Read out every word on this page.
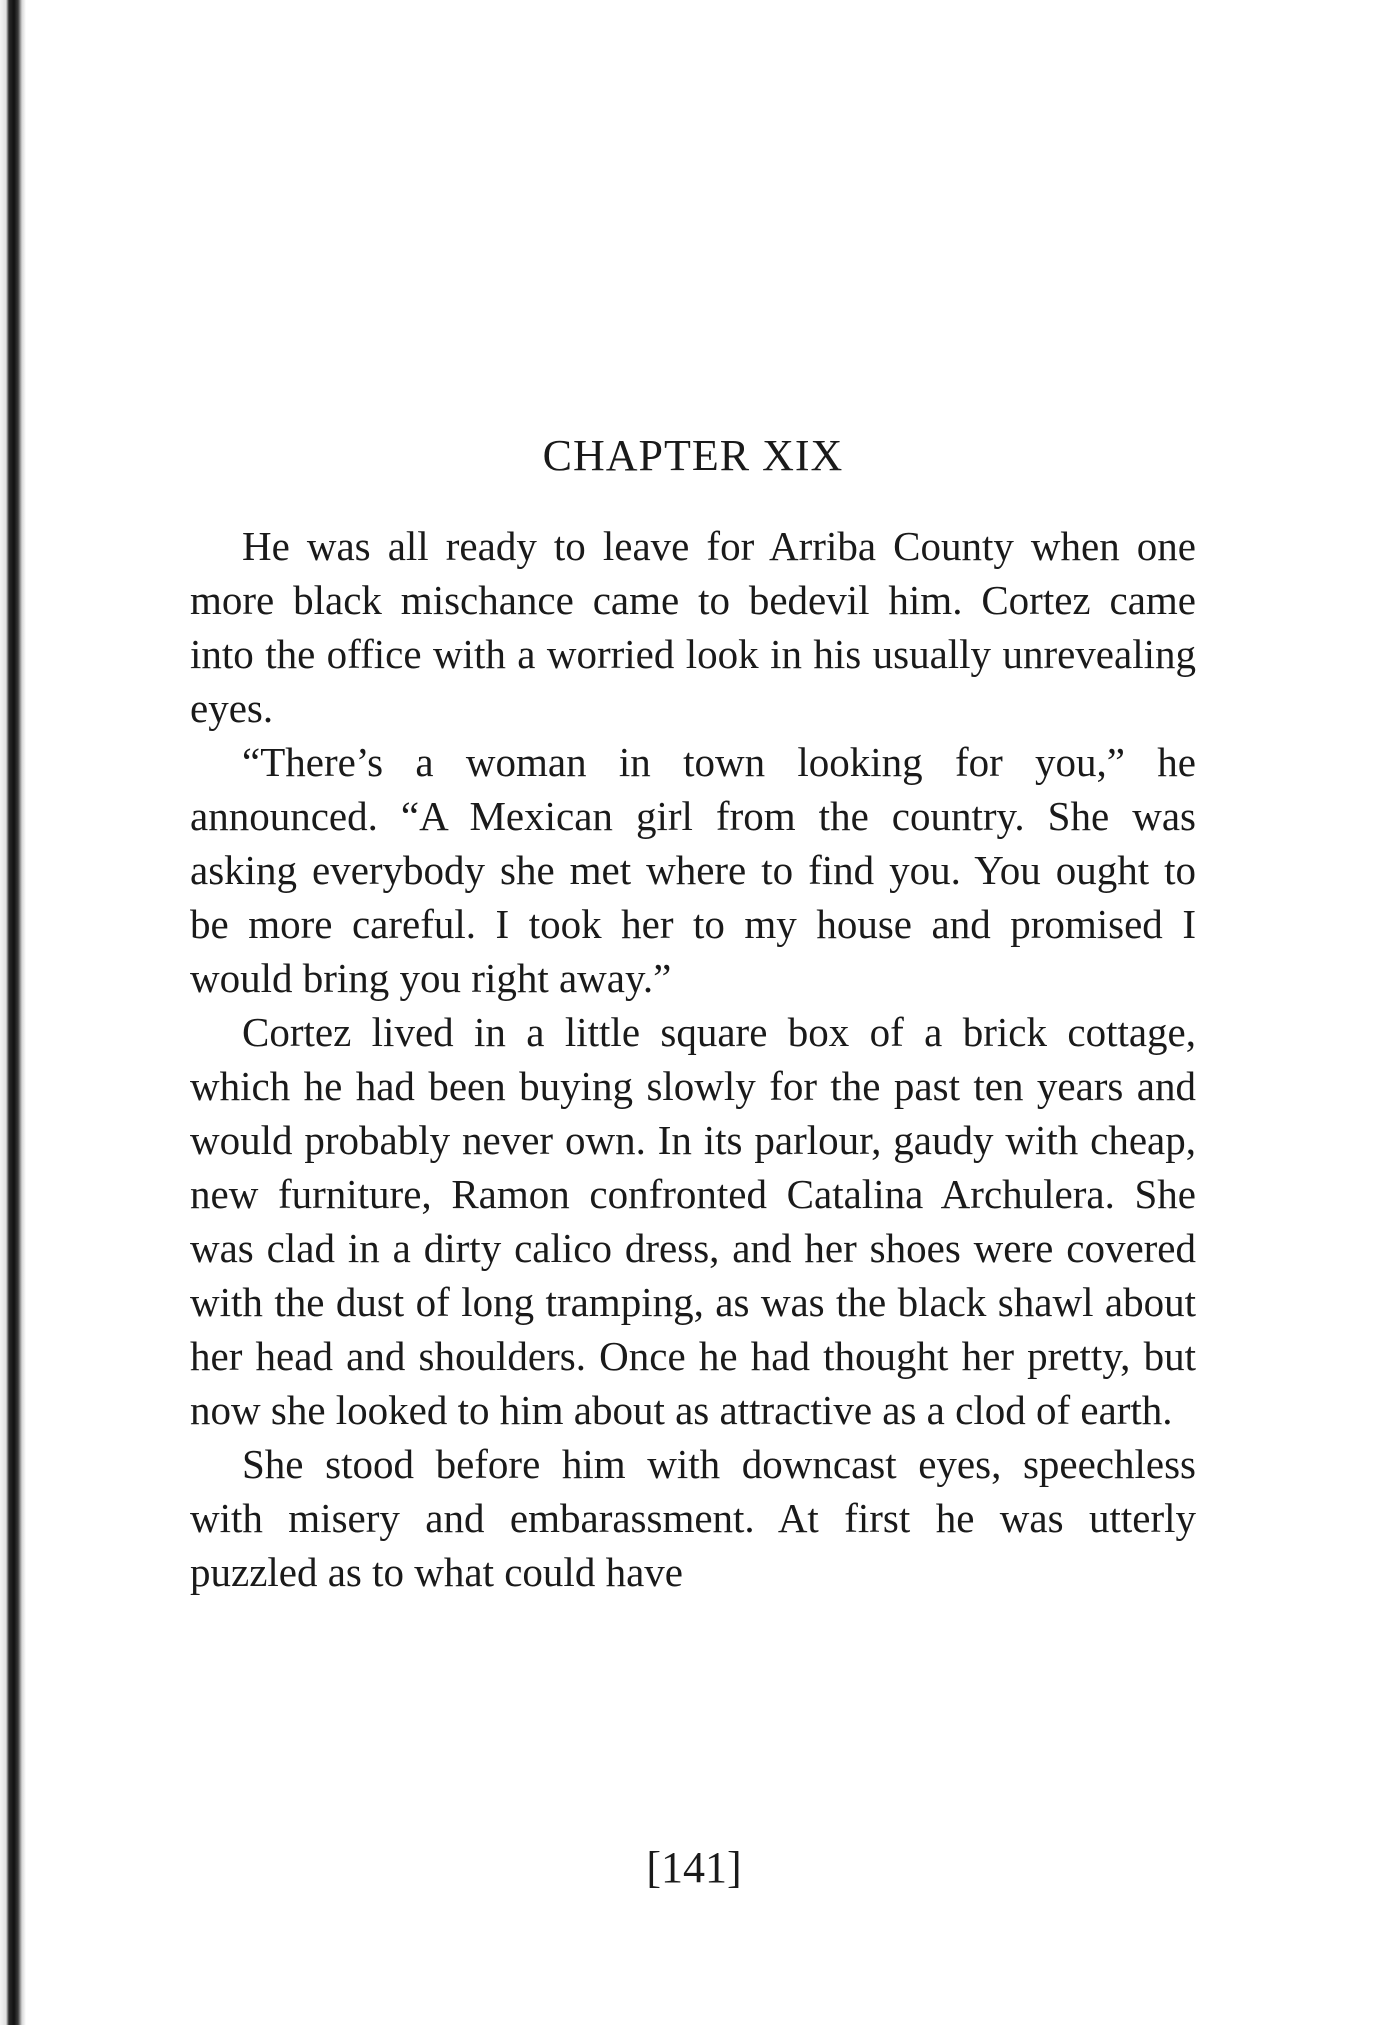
CHAPTER XIX

He was all ready to leave for Arriba County when one more black mischance came to bedevil him. Cortez came into the office with a worried look in his usually unrevealing eyes.

“There’s a woman in town looking for you,” he announced. “A Mexican girl from the country. She was asking everybody she met where to find you. You ought to be more careful. I took her to my house and promised I would bring you right away.”

Cortez lived in a little square box of a brick cottage, which he had been buying slowly for the past ten years and would probably never own. In its parlour, gaudy with cheap, new furniture, Ramon confronted Catalina Archulera. She was clad in a dirty calico dress, and her shoes were covered with the dust of long tramping, as was the black shawl about her head and shoulders. Once he had thought her pretty, but now she looked to him about as attractive as a clod of earth.

She stood before him with downcast eyes, speechless with misery and embarassment. At first he was utterly puzzled as to what could have

[141]
